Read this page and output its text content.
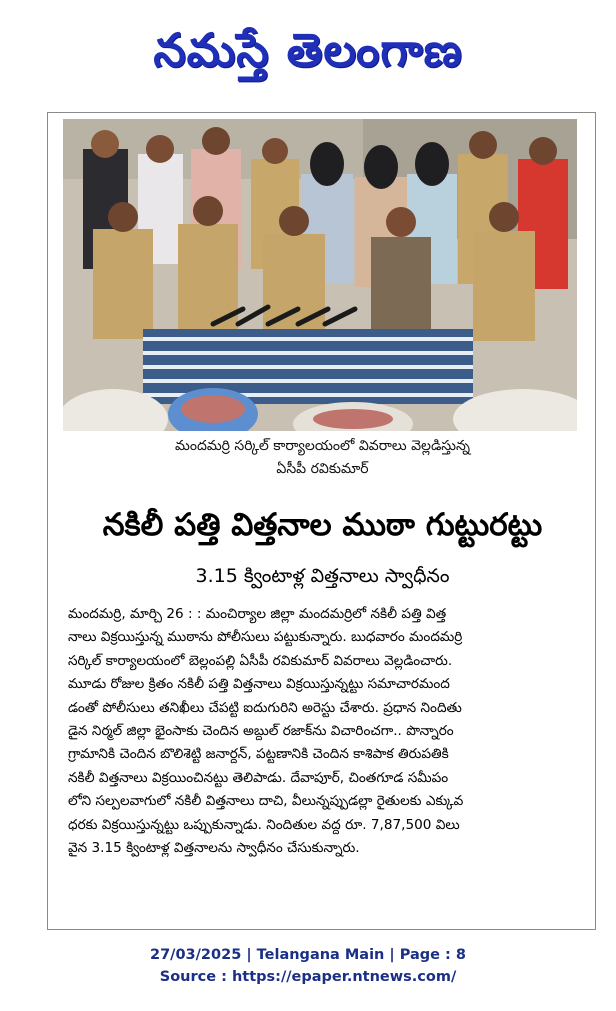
నమస్తే తెలంగాణ
మందమర్రి సర్కిల్ కార్యాలయంలో వివరాలు వెల్లడిస్తున్న
ఏసీపీ రవికుమార్
నకిలీ పత్తి విత్తనాల ముఠా గుట్టురట్టు
3.15 క్వింటాళ్ల విత్తనాలు స్వాధీనం
మందమర్రి, మార్చి 26 : : మంచిర్యాల జిల్లా మందమర్రిలో నకిలీ పత్తి విత్త
నాలు విక్రయిస్తున్న ముఠాను పోలీసులు పట్టుకున్నారు. బుధవారం మందమర్రి
సర్కిల్ కార్యాలయంలో బెల్లంపల్లి ఏసీపీ రవికుమార్ వివరాలు వెల్లడించారు.
మూడు రోజుల క్రితం నకిలీ పత్తి విత్తనాలు విక్రయిస్తున్నట్టు సమాచారమంద
డంతో పోలీసులు తనిఖీలు చేపట్టి ఐదుగురిని అరెస్టు చేశారు. ప్రధాన నిందితు
డైన నిర్మల్ జిల్లా భైంసాకు చెందిన అబ్దుల్ రజాక్‌ను విచారించగా.. పొన్నారం
గ్రామానికి చెందిన బొలిశెట్టి జనార్దన్, పట్టణానికి చెందిన కాశిపాక తిరుపతికి
నకిలీ విత్తనాలు విక్రయించినట్టు తెలిపాడు. దేవాపూర్, చింతగూడ సమీపం
లోని సల్పలవాగులో నకిలీ విత్తనాలు దాచి, వీలున్నప్పుడల్లా రైతులకు ఎక్కువ
ధరకు విక్రయిస్తున్నట్టు ఒప్పుకున్నాడు. నిందితుల వద్ద రూ. 7,87,500 విలు
వైన 3.15 క్వింటాళ్ల విత్తనాలను స్వాధీనం చేసుకున్నారు.
27/03/2025 | Telangana Main | Page : 8
Source : https://epaper.ntnews.com/
